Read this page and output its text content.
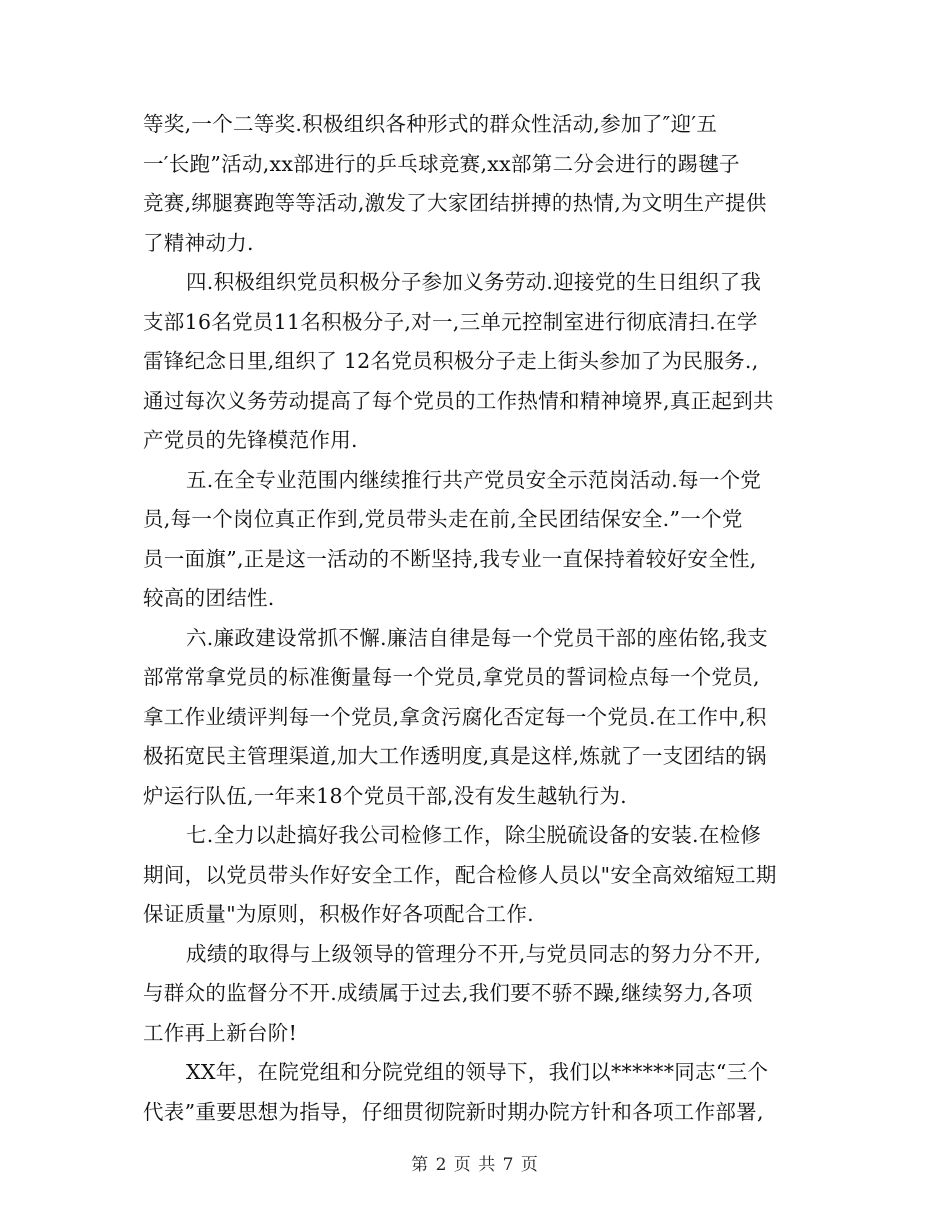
等奖,一个二等奖.积极组织各种形式的群众性活动,参加了″迎′五
一′长跑”活动,xx部进行的乒乓球竞赛,xx部第二分会进行的踢毽子
竞赛,绑腿赛跑等等活动,激发了大家团结拼搏的热情,为文明生产提供
了精神动力.

四.积极组织党员积极分子参加义务劳动.迎接党的生日组织了我
支部16名党员11名积极分子,对一,三单元控制室进行彻底清扫.在学
雷锋纪念日里,组织了 12名党员积极分子走上街头参加了为民服务.,
通过每次义务劳动提高了每个党员的工作热情和精神境界,真正起到共
产党员的先锋模范作用.

五.在全专业范围内继续推行共产党员安全示范岗活动.每一个党
员,每一个岗位真正作到,党员带头走在前,全民团结保安全.”一个党
员一面旗”,正是这一活动的不断坚持,我专业一直保持着较好安全性,
较高的团结性.

六.廉政建设常抓不懈.廉洁自律是每一个党员干部的座佑铭,我支
部常常拿党员的标准衡量每一个党员,拿党员的誓词检点每一个党员,
拿工作业绩评判每一个党员,拿贪污腐化否定每一个党员.在工作中,积
极拓宽民主管理渠道,加大工作透明度,真是这样,炼就了一支团结的锅
炉运行队伍,一年来18个党员干部,没有发生越轨行为.

七.全力以赴搞好我公司检修工作，除尘脱硫设备的安装.在检修
期间，以党员带头作好安全工作，配合检修人员以"安全高效缩短工期
保证质量"为原则，积极作好各项配合工作.

成绩的取得与上级领导的管理分不开,与党员同志的努力分不开,
与群众的监督分不开.成绩属于过去,我们要不骄不躁,继续努力,各项
工作再上新台阶!

XX年，在院党组和分院党组的领导下，我们以******同志“三个
代表”重要思想为指导，仔细贯彻院新时期办院方针和各项工作部署,

第 2 页 共 7 页
